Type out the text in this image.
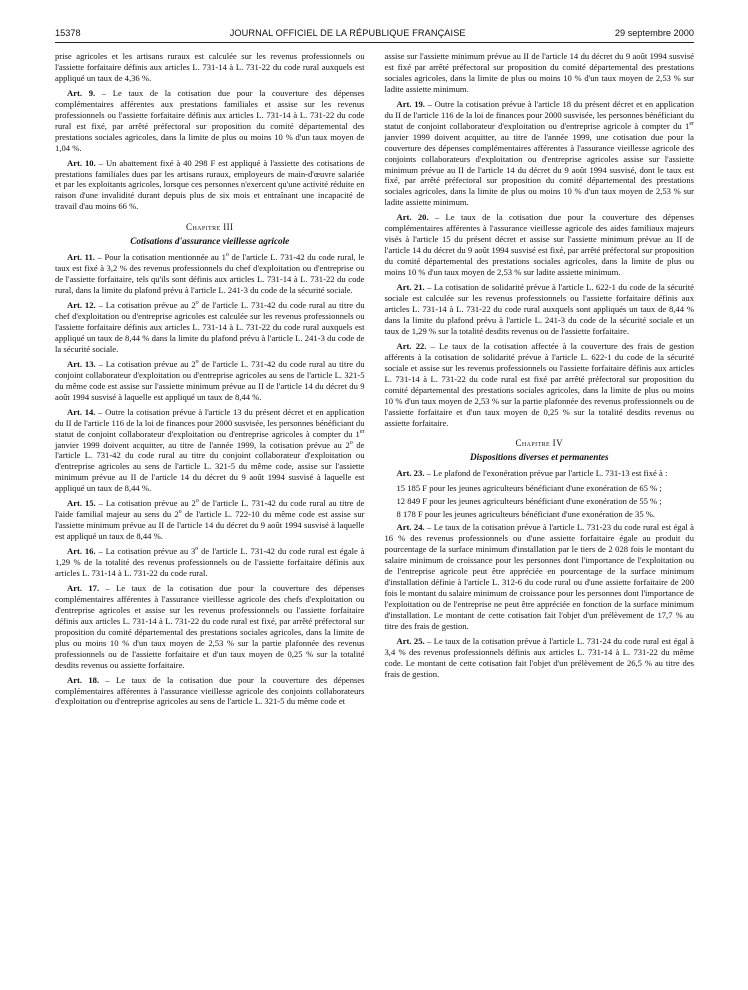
15378	JOURNAL OFFICIEL DE LA RÉPUBLIQUE FRANÇAISE	29 septembre 2000

prise agricoles et les artisans ruraux est calculée sur les revenus professionnels ou l'assiette forfaitaire définis aux articles L. 731-14 à L. 731-22 du code rural auxquels est appliqué un taux de 4,36 %.

Art. 9. – Le taux de la cotisation due pour la couverture des dépenses complémentaires afférentes aux prestations familiales et assise sur les revenus professionnels ou l'assiette forfaitaire définis aux articles L. 731-14 à L. 731-22 du code rural est fixé, par arrêté préfectoral sur proposition du comité départemental des prestations sociales agricoles, dans la limite de plus ou moins 10 % d'un taux moyen de 1,04 %.

Art. 10. – Un abattement fixé à 40 298 F est appliqué à l'assiette des cotisations de prestations familiales dues par les artisans ruraux, employeurs de main-d'œuvre salariée et par les exploitants agricoles, lorsque ces personnes n'exercent qu'une activité réduite en raison d'une invalidité durant depuis plus de six mois et entraînant une incapacité de travail d'au moins 66 %.

Chapitre III
Cotisations d'assurance vieillesse agricole

Art. 11. – Pour la cotisation mentionnée au 1$^o$ de l'article L. 731-42 du code rural, le taux est fixé à 3,2 % des revenus professionnels du chef d'exploitation ou d'entreprise ou de l'assiette forfaitaire, tels qu'ils sont définis aux articles L. 731-14 à L. 731-22 du code rural, dans la limite du plafond prévu à l'article L. 241-3 du code de la sécurité sociale.

Art. 12. – La cotisation prévue au 2$^o$ de l'article L. 731-42 du code rural au titre du chef d'exploitation ou d'entreprise agricoles est calculée sur les revenus professionnels ou l'assiette forfaitaire définis aux articles L. 731-14 à L. 731-22 du code rural auxquels est appliqué un taux de 8,44 % dans la limite du plafond prévu à l'article L. 241-3 du code de la sécurité sociale.

Art. 13. – La cotisation prévue au 2$^o$ de l'article L. 731-42 du code rural au titre du conjoint collaborateur d'exploitation ou d'entreprise agricoles au sens de l'article L. 321-5 du même code est assise sur l'assiette minimum prévue au II de l'article 14 du décret du 9 août 1994 susvisé à laquelle est appliqué un taux de 8,44 %.

Art. 14. – Outre la cotisation prévue à l'article 13 du présent décret et en application du II de l'article 116 de la loi de finances pour 2000 susvisée, les personnes bénéficiant du statut de conjoint collaborateur d'exploitation ou d'entreprise agricoles à compter du 1er janvier 1999 doivent acquitter, au titre de l'année 1999, la cotisation prévue au 2$^o$ de l'article L. 731-42 du code rural au titre du conjoint collaborateur d'exploitation ou d'entreprise agricoles au sens de l'article L. 321-5 du même code, assise sur l'assiette minimum prévue au II de l'article 14 du décret du 9 août 1994 susvisé à laquelle est appliqué un taux de 8,44 %.

Art. 15. – La cotisation prévue au 2$^o$ de l'article L. 731-42 du code rural au titre de l'aide familial majeur au sens du 2$^o$ de l'article L. 722-10 du même code est assise sur l'assiette minimum prévue au II de l'article 14 du décret du 9 août 1994 susvisé à laquelle est appliqué un taux de 8,44 %.

Art. 16. – La cotisation prévue au 3$^o$ de l'article L. 731-42 du code rural est égale à 1,29 % de la totalité des revenus professionnels ou de l'assiette forfaitaire définis aux articles L. 731-14 à L. 731-22 du code rural.

Art. 17. – Le taux de la cotisation due pour la couverture des dépenses complémentaires afférentes à l'assurance vieillesse agricole des chefs d'exploitation ou d'entreprise agricoles et assise sur les revenus professionnels ou l'assiette forfaitaire définis aux articles L. 731-14 à L. 731-22 du code rural est fixé, par arrêté préfectoral sur proposition du comité départemental des prestations sociales agricoles, dans la limite de plus ou moins 10 % d'un taux moyen de 2,53 % sur la partie plafonnée des revenus professionnels ou de l'assiette forfaitaire et d'un taux moyen de 0,25 % sur la totalité desdits revenus ou assiette forfaitaire.

Art. 18. – Le taux de la cotisation due pour la couverture des dépenses complémentaires afférentes à l'assurance vieillesse agricole des conjoints collaborateurs d'exploitation ou d'entreprise agricoles au sens de l'article L. 321-5 du même code et

assise sur l'assiette minimum prévue au II de l'article 14 du décret du 9 août 1994 susvisé est fixé par arrêté préfectoral sur proposition du comité départemental des prestations sociales agricoles, dans la limite de plus ou moins 10 % d'un taux moyen de 2,53 % sur ladite assiette minimum.

Art. 19. – Outre la cotisation prévue à l'article 18 du présent décret et en application du II de l'article 116 de la loi de finances pour 2000 susvisée, les personnes bénéficiant du statut de conjoint collaborateur d'exploitation ou d'entreprise agricole à compter du 1er janvier 1999 doivent acquitter, au titre de l'année 1999, une cotisation due pour la couverture des dépenses complémentaires afférentes à l'assurance vieillesse agricole des conjoints collaborateurs d'exploitation ou d'entreprise agricoles assise sur l'assiette minimum prévue au II de l'article 14 du décret du 9 août 1994 susvisé, dont le taux est fixé, par arrêté préfectoral sur proposition du comité départemental des prestations sociales agricoles, dans la limite de plus ou moins 10 % d'un taux moyen de 2,53 % sur ladite assiette minimum.

Art. 20. – Le taux de la cotisation due pour la couverture des dépenses complémentaires afférentes à l'assurance vieillesse agricole des aides familiaux majeurs visés à l'article 15 du présent décret et assise sur l'assiette minimum prévue au II de l'article 14 du décret du 9 août 1994 susvisé est fixé, par arrêté préfectoral sur proposition du comité départemental des prestations sociales agricoles, dans la limite de plus ou moins 10 % d'un taux moyen de 2,53 % sur ladite assiette minimum.

Art. 21. – La cotisation de solidarité prévue à l'article L. 622-1 du code de la sécurité sociale est calculée sur les revenus professionnels ou l'assiette forfaitaire définis aux articles L. 731-14 à L. 731-22 du code rural auxquels sont appliqués un taux de 8,44 % dans la limite du plafond prévu à l'article L. 241-3 du code de la sécurité sociale et un taux de 1,29 % sur la totalité desdits revenus ou de l'assiette forfaitaire.

Art. 22. – Le taux de la cotisation affectée à la couverture des frais de gestion afférents à la cotisation de solidarité prévue à l'article L. 622-1 du code de la sécurité sociale et assise sur les revenus professionnels ou l'assiette forfaitaire définis aux articles L. 731-14 à L. 731-22 du code rural est fixé par arrêté préfectoral sur proposition du comité départemental des prestations sociales agricoles, dans la limite de plus ou moins 10 % d'un taux moyen de 2,53 % sur la partie plafonnée des revenus professionnels ou de l'assiette forfaitaire et d'un taux moyen de 0,25 % sur la totalité desdits revenus ou assiette forfaitaire.

Chapitre IV
Dispositions diverses et permanentes

Art. 23. – Le plafond de l'exonération prévue par l'article L. 731-13 est fixé à :

15 185 F pour les jeunes agriculteurs bénéficiant d'une exonération de 65 % ;

12 849 F pour les jeunes agriculteurs bénéficiant d'une exonération de 55 % ;

8 178 F pour les jeunes agriculteurs bénéficiant d'une exonération de 35 %.

Art. 24. – Le taux de la cotisation prévue à l'article L. 731-23 du code rural est égal à 16 % des revenus professionnels ou d'une assiette forfaitaire égale au produit du pourcentage de la surface minimum d'installation par le tiers de 2 028 fois le montant du salaire minimum de croissance pour les personnes dont l'importance de l'exploitation ou de l'entreprise agricole peut être appréciée en pourcentage de la surface minimum d'installation définie à l'article L. 312-6 du code rural ou d'une assiette forfaitaire de 200 fois le montant du salaire minimum de croissance pour les personnes dont l'importance de l'exploitation ou de l'entreprise ne peut être appréciée en fonction de la surface minimum d'installation. Le montant de cette cotisation fait l'objet d'un prélèvement de 17,7 % au titre des frais de gestion.

Art. 25. – Le taux de la cotisation prévue à l'article L. 731-24 du code rural est égal à 3,4 % des revenus professionnels définis aux articles L. 731-14 à L. 731-22 du même code. Le montant de cette cotisation fait l'objet d'un prélèvement de 26,5 % au titre des frais de gestion.
